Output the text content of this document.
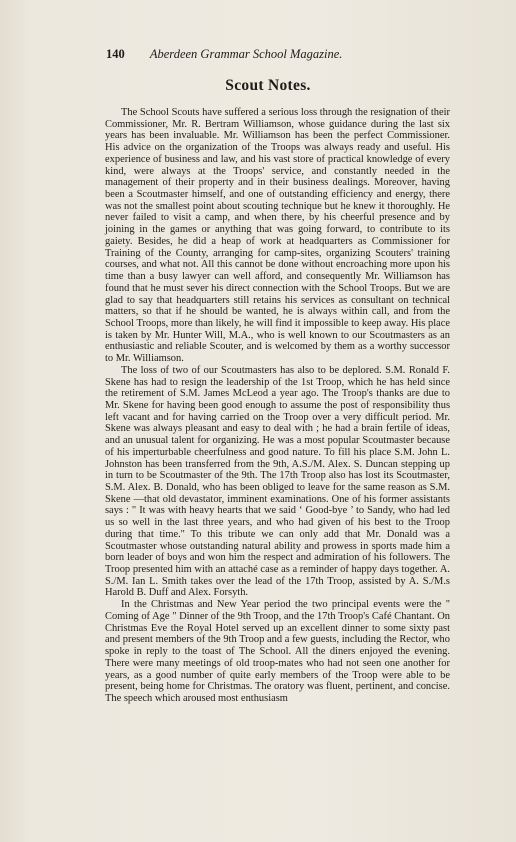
140 Aberdeen Grammar School Magazine.
Scout Notes.

The School Scouts have suffered a serious loss through the resignation of their Commissioner, Mr. R. Bertram Williamson, whose guidance during the last six years has been invaluable. Mr. Williamson has been the perfect Commissioner. His advice on the organization of the Troops was always ready and useful. His experience of business and law, and his vast store of practical knowledge of every kind, were always at the Troops' service, and constantly needed in the management of their property and in their business dealings. Moreover, having been a Scoutmaster himself, and one of outstanding efficiency and energy, there was not the smallest point about scouting technique but he knew it thoroughly. He never failed to visit a camp, and when there, by his cheerful presence and by joining in the games or anything that was going forward, to contribute to its gaiety. Besides, he did a heap of work at headquarters as Commissioner for Training of the County, arranging for camp-sites, organizing Scouters' training courses, and what not. All this cannot be done without encroaching more upon his time than a busy lawyer can well afford, and consequently Mr. Williamson has found that he must sever his direct connection with the School Troops. But we are glad to say that headquarters still retains his services as consultant on technical matters, so that if he should be wanted, he is always within call, and from the School Troops, more than likely, he will find it impossible to keep away. His place is taken by Mr. Hunter Will, M.A., who is well known to our Scoutmasters as an enthusiastic and reliable Scouter, and is welcomed by them as a worthy successor to Mr. Williamson.

The loss of two of our Scoutmasters has also to be deplored. S.M. Ronald F. Skene has had to resign the leadership of the 1st Troop, which he has held since the retirement of S.M. James McLeod a year ago. The Troop's thanks are due to Mr. Skene for having been good enough to assume the post of responsibility thus left vacant and for having carried on the Troop over a very difficult period. Mr. Skene was always pleasant and easy to deal with ; he had a brain fertile of ideas, and an unusual talent for organizing. He was a most popular Scoutmaster because of his imperturbable cheerfulness and good nature. To fill his place S.M. John L. Johnston has been transferred from the 9th, A.S./M. Alex. S. Duncan stepping up in turn to be Scoutmaster of the 9th. The 17th Troop also has lost its Scoutmaster, S.M. Alex. B. Donald, who has been obliged to leave for the same reason as S.M. Skene —that old devastator, imminent examinations. One of his former assistants says : " It was with heavy hearts that we said ‘ Good-bye ’ to Sandy, who had led us so well in the last three years, and who had given of his best to the Troop during that time." To this tribute we can only add that Mr. Donald was a Scoutmaster whose outstanding natural ability and prowess in sports made him a born leader of boys and won him the respect and admiration of his followers. The Troop presented him with an attaché case as a reminder of happy days together. A. S./M. Ian L. Smith takes over the lead of the 17th Troop, assisted by A. S./M.s Harold B. Duff and Alex. Forsyth.

In the Christmas and New Year period the two principal events were the " Coming of Age " Dinner of the 9th Troop, and the 17th Troop's Café Chantant. On Christmas Eve the Royal Hotel served up an excellent dinner to some sixty past and present members of the 9th Troop and a few guests, including the Rector, who spoke in reply to the toast of The School. All the diners enjoyed the evening. There were many meetings of old troop-mates who had not seen one another for years, as a good number of quite early members of the Troop were able to be present, being home for Christmas. The oratory was fluent, pertinent, and concise. The speech which aroused most enthusiasm
